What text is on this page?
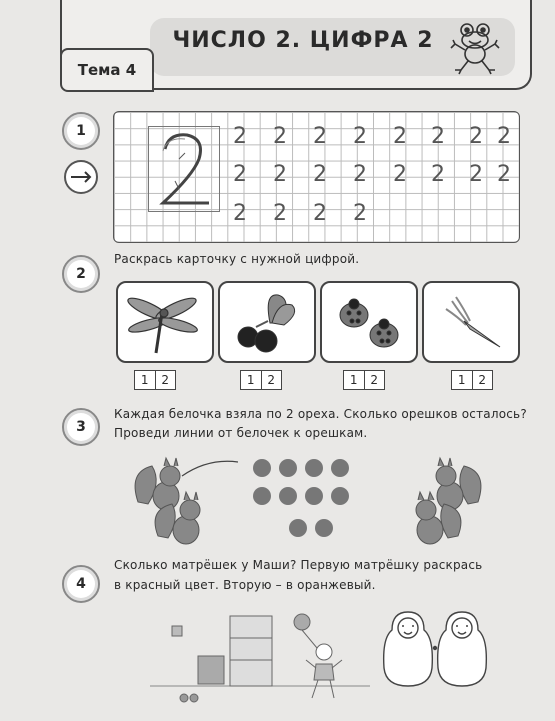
Тема 4
ЧИСЛО 2. ЦИФРА 2
1	2 2 2 2 2 2 2 2
2 2 2 2 2 2 2 2
2 2 2 2
2
Раскрась карточку с нужной цифрой.
1	2	1	2	1	2	1	2
3
Каждая белочка взяла по 2 ореха. Сколько орешков осталось?
Проведи линии от белочек к орешкам.
4
Сколько матрёшек у Маши? Первую матрёшку раскрась
в красный цвет. Вторую – в оранжевый.
